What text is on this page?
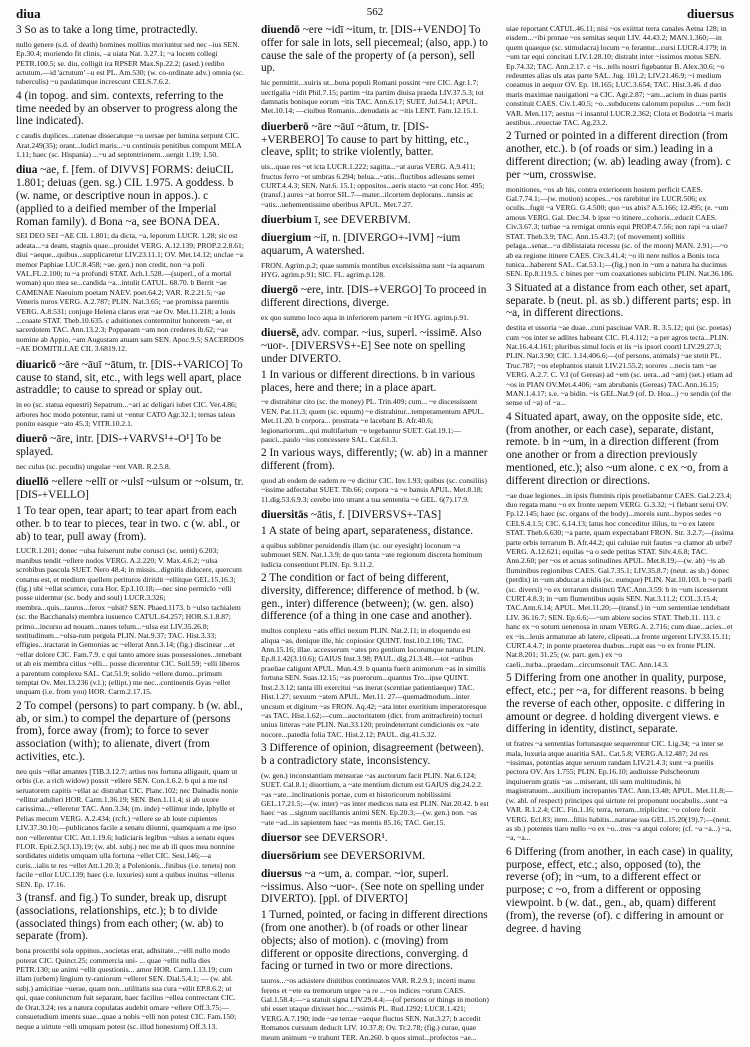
diua	562	diuersus
3 So as to take a long time, protractedly.
nullo genere (s.d. of death) homines mollius moriuntur sed nec –ius SEN. Ep.30.4; moriendo fit clinis, –a uiata Nat. 3.27.1; ~a locem collegi PETR.100.5; se. diu, colligit ira RPSER Max.Sp.22.2; (ased.) redibo actutum.—id 'actutum' –u est PL. Am.530; (w. co-ordinate adv.) omnia (sc. tuberculis) ~u paulatimque increscunt CELS.7.6.2.
4 (in topog. and sim. contexts, referring to the time needed by an observer to progress along the line indicated).
c caudis duplices...catenae dissecatque ~u uersae per lumina serpunt CIC. Arat.249(35); orant...ludicl maris...~u continuis penitibus compunt MELA 1.11; haec (sc. Hispania) ...~u ad septentrionem...uergit 1.19; 1.50.
diua ~ae, f. [fem. of DIVVS] FORMS: deiuCIL 1.801; deiuas (gen. sg.) CIL 1.975. A goddess. b (w. name, or descriptive noun in appos.). c (applied to a deified member of the Imperial Roman family). d Bona ~a, see BONA DEA.
SEI DEO SEI ~AE CIL 1.801; da dicta, ~a, leporum LUCR. 1.28; sic est adeata...~a deam, stagnis quae...prouidet VERG. A.12.139; PROP.2.2.8.61; diui ~aeque...quibus...supplicaretur LIV.23.11.1; OV. Met.14.12; unclae ~a memor Paphiae LUC.8.458; ~ae. gen.) non credit, non ~a poli VAL.FL.2.100; tu ~a profundi STAT. Ach.1.528.—(superl., of a mortal woman) quo mea se...candida ~a...intulit CATUL. 68.70. b Berrit ~ae CAMENAE Naeuium poetam NAEV. poet.64.2; VAR. R.2.21.5; ~ae Veneris nuros VERG. A.2.787; PLIN. Nat.3.65; ~ae promissa parentis VERG. A.8.531; conjuge Helena clarus erat ~ae Ov. Met.11.218; a louis ...coaate STAT. Theb.10.635. c aduitiones contemnitur honorem ~ae, et sacerdotem TAC. Ann.13.2.3; Poppaeam ~am non crederes ib.62; ~ae nomine ab Appio, ~am Augustam atuam sam SEN. Apoc.9.5; SACERDOS ~AE DOMITILLAE CIL 3.6819.12.
diuaricō ~āre ~āuī ~ātum, tr. [DIS-+VARICO] To cause to stand, sit, etc., with legs well apart, place astraddle; to cause to spread or splay out.
in eo (sc. statua equestri) Sepatrum...~ari ac deligari iubet CIC. Ver.4.86; arbores hoc modo potentur, rami ut ~entur CATO Agr.32.1; ternas taleas ponito easque ~ato 45.3; VITR.10.2.1.
diuerō ~āre, intr. [DIS-+VARVS¹+-O¹] To be splayed.
nec culus (sc. pecudis) ungulae ~ent VAR. R.2.5.8.
diuellō ~ellere ~ellī or ~ulsī ~ulsum or ~olsum, tr. [DIS-+VELLO]
1 To tear open, tear apart; to tear apart from each other. b to tear to pieces, tear in two. c (w. abl., or ab) to tear, pull away (from).
LUCR.1.201; donec ~ulsa fuiserunt nube corusci (sc. uenti) 6.203; manibus tendit ~ellere nodos VERG. A.2.220; V. Max.4.6.2; ~ulsa scrobibus pascula SUET. Nero 48.4; in missis...dignitis diducere, quercum conatus est, et medium quellem perituros diritdit ~ellitque GEL.15.16.3; (fig.) ubi ~ellat scumce, cura Hor. Ep.I.10.18;—nec sine permiclo ~elli posse uiderntur (sc. body and soul) LUCR.3.326; membra...quis...tauros...ferox ~ulsit? SEN. Phaed.1173. b ~ulso tachialem (sc. the Bacchanals) membra iusuenco CATUL.64.257; HOR.S.1.8.87; primo...incursu ad nouam...naues telum...~ulsa est LIV.35.26.8; testitudinum...~olsa-rum pergula PLIN. Nat.9.37; TAC. Hist.3.33; effigies...tractarat in Gemonias ac ~ellerat Ann.3.14; (fig.) discinear ...et ~ellar dolore CIC. Fam.7.9. c qui tanto amore suas possessiones...tenebant ut ab eis membra citius ~elli... posse dicerentur CIC. Sull.59; ~elli liberos a parentum complexu SAL. Cat.51.9; solido ~ellere dumo...primum temptat Ov. Met.13.236 (v.l.); (ellipt.) me nec...continentis Gyas ~ellet unquam (i.e. from you) HOR. Carm.2.17.15.
2 To compel (persons) to part company. b (w. abl., ab, or sim.) to compel the departure of (persons from), force away (from); to force to sever association (with); to alienate, divert (from activities, etc.).
neu quis ~ellat amantes [TIB.3.12.7; artius nos fortuna alligauit, quam ut orbis (i.e. a rich widow) possit ~ellere SEN. Con.1.6.2. b qui a me nsl seruatorem capitis ~ellat ac distrahat CIC. Planc.102; nec Dainadis nonie ~ellitur adulteri HOR. Carm.1.36.19; SEN. Ben.1.11.4; si ab uxore carissima...~elleretur TAC. Ann.3.34; (m. inde) ~ellimur inde, lphylle et Pelias mecum VERG. A.2.434; (rcft.) ~ellere se ab loste cupientes LIV.37.30.10;—publicanos facile a senatu diiunni, quamquam a me ipso non ~ellerentur CIC. Att.1.19.6; ludiciaris legibus ~ulsus a senatu eques FLOR. Epit.2.5(3.13).19; (w. abl. subj.) nec me ab ili quos mea nonnine sordidates uidetis umquam ulla fortuna ~ellet CIC. Sest.146;—a curis...ialis te res ~ellet Att.1.20.3; a Polenionis...finibus (i.e. tenets) non facile ~ellor LUC.139; haec (i.e. luxuries) sunt a quibus inuitus ~ellerus SEN. Ep. 17.16.
3 (transf. and fig.) To sunder, break up, disrupt (associations, relationships, etc.); b to divide (associated things) from each other; (w. ab) to separate (from).
bona proscribi sola oppinus...societas erat, adhsitate...~elli nullo modo poterat CIC. Quinct.25; commercia uni- ... quae ~ellit nulla dies PETR.130; ue animi ~ellit questionis... amor HOR. Carm.1.13.19; cum illam (urbem) lingium ty-raniorum ~elleret SEN. Dial.5.4.1; — (w. abl. subj.) amicitiae ~uerae, quam non...utilitatis sua cura ~ellit EP.8.6.2; ut qui, quae coniunctum fuit separant, haec facilius ~ellea contrectant CIC. de Orat.3.24; res a natura copulatas audebit ornare ~ellere Off.3.75;—consuetudium iments suae...quae a nobis ~elli non potest CIC. Fam.150; neque a uirtute ~elli umquam potest (sc. illud honestum) Off.3.13.
diuendō ~ere ~idī ~itum, tr. [DIS-+VENDO] To offer for sale in lots, sell piecemeal; (also, app.) to cause the sale of the property of (a person), sell up.
hic permittit...xuiris ut...bona populi Romani possint ~ere CIC. Agr.1.7; uectigalia ~idit Phil.7.15; partim ~ita partim diuisa praeda LIV.37.5.3; tot damnatis bonisque eorum ~itis TAC. Ann.6.17; SUET. Jul.54.1; APUL. Met.10.14; —ciuibus Romanis...denudatis ac ~itis LENT. Fam.12.15.1.
diuerberō ~āre ~āuī ~ātum, tr. [DIS-+VERBERO] To cause to part by hitting, etc., cleave, split; to strike violently, batter.
uis...quae res ~et icta LUCR.1.222; sagitta...~at auras VERG. A.9.411; fructus ferro ~et umbras 6.294; belua...~atis...fluctibus adleuans semet CURT.4.4.3; SEN. Nat.6. 15.1; oppositos...aeris stacto ~at conc Hor. 495; (transf.) aures ~at horror SIL.7—mater...ilcortem deplorans...tunsis ac ~atis...uehementissime uberibus APUL. Met.7.27.
diuerbium ī, see DEVERBIVM.
diuergium ~iī, n. [DIVERGO+-IVM] ~ium aquarum, A watershed.
FRON. Agrim.p.2; quae summis montibus excelsissima sunt ~ia aquarum HYG. agrim.p.91; SIC. FL. agrim.p.128.
diuergō ~ere, intr. [DIS-+VERGO] To proceed in different directions, diverge.
ex quo summo loco aqua in inferiorem partem ~it HYG. agrim.p.91.
diuersē, adv. compar. ~ius, superl. ~issimē. Also ~uor-. [DIVERSVS+-E] See note on spelling under DIVERTO.
1 In various or different directions. b in various places, here and there; in a place apart.
~e distrahitur cito (sc. the money) PL. Trin.409; cum... ~e discessissent VEN. Pat.11.3; quem (sc. equum) ~e distrahitur...temperamentum APUL. Met.11.20. b corpora... prostrata ~e lacebant B. Afr.40.6; legionariorum...qui multifarium ~e tegebantur SUET. Gal.19.1;—pauci...paulo ~ius concessere SAL. Cat.61.3.
2 In various ways, differently; (w. ab) in a manner different (from).
quod ab eodem de eadem re ~e dicitur CIC. Inv.1.93; quibus (sc. consiliis) ~issime adfectabat SUET. Tib.66; corpora ~a ~e bansis APUL. Met.8.18; 11.dig.53.6.9.3; cerebo into utrant a tua sententia ~e GEL. 6(7).17.9.
diuersitās ~ātis, f. [DIVERSVS+-TAS]
1 A state of being apart, separateness, distance.
a quibus sublitter peruidendis illam (sc. our eyesight) loconum ~a submouet SEN. Nat.1.3.9; de quo tanta ~ate regionum discreta hominum iudicia consentiunt PLIN. Ep. 9.11.2.
2 The condition or fact of being different, diversity, difference; difference of method. b (w. gen., inter) difference (between); (w. gen. also) difference (of a thing in one case and another).
multos conplexu ~atis effici nexum PLIN. Nat.2.11; in eloquendo est aliqua ~as, denique ille, hic copiosior QUINT. Inst.10.2.106; TAC. Ann.15.16; illae. accesserum ~ates pro gentium locorumque natura PLIN. Ep.8.1.42(3.10.6); GAIUS Inst.3.98; PAUL. dig.21.3.48.—tot ~atibus praeliae caligunt APUL. Mun.4.9. b quanta fuerit animorum ~as in similis fortuna SEN. Suas.12.15; ~as puerorum...quantus Tro...ipse QUINT. Inst.2.3.12; tanta illi exercitui ~as inerat (scentiae patientiaeque) TAC. Hist.1.27; sexuum ~atem APUL. Met.11. 27—quemadmodum...inter uncsum et digitum ~as FRON. Aq.42; ~ata inter exeritium imperatoresque ~as TAC. Hist.1.62;—cum...auctoritatem (dict. from anitrachrein) tocturi unius litteras ~ate PLIN. Nat.33.120; proindeterrant condicionis ex ~ate nocore...patedla folia TAC. Hist.2.12; PAUL. dig.41.5.32.
3 Difference of opinion, disagreement (between). b a contradictory state, inconsistency.
(w. gen.) inconstantiam mensurae ~as auctorum facit PLIN. Nat.6.124; SUET. Cal.8.1; diuortium, a ~ate mentium dictum est GAIUS dig.24.2.2. ~as ~ate...inclinationis portae, cum et historicorum nobilissimi GEL.17.21.5;—(w. inter) ~as inter medicos nata est PLIN. Nat.20.42. b est haec ~as ...signum uacillantis animi SEN. Ep.20.3;—(w. gen.) non. ~as ~ate ~ad...in sapientem haec ~as mentis 85.16; TAC. Ger.15.
diuersor see DEVERSOR¹.
diuersōrium see DEVERSORIVM.
diuersus ~a ~um, a. compar. ~ior, superl. ~issimus. Also ~uor-. (See note on spelling under DIVERTO). [ppl. of DIVERTO]
1 Turned, pointed, or facing in different directions (from one another). b (of roads or other linear objects; also of motion). c (moving) from different or opposite directions, converging. d facing or turned in two or more directions.
tauros...~os adsistere diuitibus continuatos VAR. R.2.9.1; incerti manu ferens et ~ete ea tremorum urgee ~a re ...~os indices ~orum CAES. Gal.1.58.4;—~a statuit signa LIV.29.4.4;—(of persons or things in motion) ubi esset utaque dixisset hoc...~ssimis PL. Rud.1292; LUCR.1.421; VERG.A.7.190; inde ~ae terrae ~aeque fluctus SEN. Nat.3.27; b accedit Romanos cursuum deducit LIV. 10.37.8; Ov. Tr.2.78; (fig.) curae, quae meum animum ~e trahunt TER. An.260. b quos simul...profectos ~ae...
uiae reportant CATUL.46.11; nisi ~os exiittat terra canales Aetna 128; in eisdem...~ibi pronae ~os semitas sequit LIV. 44.43.2; MAN.1.360;—in quem quaeque (sc. stimulacra) locum ~o ferantur...cursi LUCR.4.179; in ~um tar equi concitati LIV.1.28.10; distraht inter ~issimos motus SEN. Ep.74.32; TAC. Ann.2.17. c ~is...tells nostri figebantur B. Alex.30.6; ~o redeuntes alias uls atas parte SAL. Jug. 101.2; LIV.21.46.9; ~i medium coeamus in aequor OV. Ep. 18.165; LUC.3.654; TAC. Hist.3.46. d duo maris maximae nauigationi ~a CIC. Agr.2.87; ~am...acium in duas partis constituit CAES. Civ.1.40.5; ~o...subducens calonum populus ...~um fecit VAR. Men.117; aestus ~i insantul LUCR.2.362; Clota et Bodotria ~i maris aestibus...reuectae TAC. Ag.23.2.
2 Turned or pointed in a different direction (from another, etc.). b (of roads or sim.) leading in a different direction; (w. ab) leading away (from). c per ~um, crosswise.
monitiones, ~os ab his, contra exteriorem hostem perficit CAES. Gal.7.74.1;—(w. motion) scopes...~os rarebitur ire LUCR.506; ex oculis...fugit ~a VERG. G.4.500; quo ~us abis? A.5.166; 12.495; (e. ~um amous VERG. Gal. Dec.34. b ipse ~o itinere...cohoris...educit CAES. Civ.3.67.3; turbae ~a remigat omnis equi PROP.4.7.56; non rapi ~a uiae? STAT. Theb.3.9; TAC. Ann.15.43.7; (of movement) sollitis pelaga...senat...~a diblistaiata recessu (sc. of the moon) MAN. 2.91;—~o ab ea regione itinere CAES. Civ.3.41.4; ~o ili nere nullos a Bonis toca tunica...haberent SAL. Cat.53.1;—(fig.) non in ~um a natura ha ducimus SEN. Ep.8.119.5. c bines per ~um coaxationes subicirtu PLIN. Nat.36.186.
3 Situated at a distance from each other, set apart, separate. b (neut. pl. as sb.) different parts; esp. in ~a, in different directions.
destita et ussoria ~ae duae...cuni pasciuae VAR. R. 3.5.12; qui (sc. poetas) cum ~os inter se adlites habeant CIC. Fl.4.112; ~a per agros tecta...PLIN. Nat.16.4.4.161; pluribus simul locis et iis ~is ipsori coortl LIV.29.27.3; PLIN. Nat.3.90; CIC. 1.14.406.6;—(of persons, animals) ~ae stetit PL. Truc.787; ~os elephantos statuit LIV.21.55.2; sorores ...necis tam ~ae VERG. A.2.7. C. V.I (of Gereas) ad ~em (sc. uera...ad ~am) (set.) etiam ad ~os in PIAN OV.Met.4.406; ~am abrubanis (Gereas) TAC.Ann.16.15; MAN.1.4.17; s.e. ~a bidin. ~is GEL.Nat.9 (of. D. Hoa...) ~o sendis (of the sense of ~a) of ~a...
4 Situated apart, away, on the opposite side, etc. (from another, or each case), separate, distant, remote. b in ~um, in a direction different (from one another or from a direction previously mentioned, etc.); also ~um alone. c ex ~o, from a different direction or directions.
~ae duae legiones...in ipsis fluminis ripis proeliabantur CAES. Gal.2.23.4; duo regata manu ~o ex fronte uepem VERG. G.3.32; ~i flebant serui OV. Fp.12.145; haec (sc. organs of the body)...moreis sunt...bypos sedes ~o CELS.4.1.5; CIC. 6.14.13; latus hoc conceditur ililus, tu ~o ex latere STAT. Theb.6.630; ~a parte, quam expectabant FRON. Str. 3.2.7;—(issima parte orbis terrarum B. Afr.44.2; qui caluiae ruit fautus ~a clamor ab urbe? VERG. A.12.621; equilas ~a o sede petitas STAT. Silv.4.6.8; TAC. Ann.2.60; per ~os et acuas solitudines APUL. Met.8.19;—(w. ab) ~is ab fluminibus regionibus CAES. Gal.7.35.1; LIV.35.8.7; (neut. as sb.) donec (perdix) in ~um abducat a nidis (sc. eumque) PLIN. Nat.10.103. b ~o parli (sc. diversi) ~o ex terrarum distincti TAC.Ann.3.59. b in ~um iscesserunt CURT.4.8.3; in ~um flumentibus aquis SEN. Nat.3.11.2; COL.3.15.4; TAC.Ann.6.14; APUL. Met.11.20;—(transf.) in ~um sententiae tendebant LIV. 36.16.7; SEN. Ep.6.6;—~um abiere socios STAT. Theb.11. 113. c hanc ex ~o sotum uenenosa in unam VERG.A. 2.716; cum duae...acies...et ex ~is...leuis armaturae ab latere, clipeati...a fronte urgerent LIV.33.15.11; CURT.4.4.7; in ponte praeterea duabus...rupit eas ~o ex fronte PLIN. Nat.8.201; 31.25; (w. part. gen.) ex ~o caeli...turba...praedam...circumsonuit TAC. Ann.14.3.
5 Differing from one another in quality, purpose, effect, etc.; per ~a, for different reasons. b being the reverse of each other, opposite. c differing in amount or degree. d holding divergent views. e differing in identity, distinct, separate.
ut fratres ~a sententias fortunasque sequerentur CIC. Lig.34; ~a inter se mala, luxuria atque auaritia SAL. Cat.5.8; VERG.A.12.487; 2d res ~issimas, potentias atque seruum randam LIV.21.4.3; sunt ~a pueilis pectora OV. Ars 1.755; PLIN. Ep.16.10; audiuisse Pulscheorum inquiuerum gratis ~as ...miserant, tili sum multitudinis, hi magistratuum...auxilium increpantes TAC. Ann.13.48; APUL. Met.11.8;—(w. abl. of respect) principes qui uirtute rei proponunt uocabulis...sunt ~a VAR. R.1.2.4; CIC. Fin.1.16; terra, terram...tripliciter. ~o colore fecit VERG. Ecl.83; item...filiis habitis...naturae sua GEL.15.20(19).7;—(neut. as sb.) potentes tiaro nullo ~o ex ~o...tres ~a atqui colore; (cf. ~a ~a...) ~a, ~a, ~a...
6 Differing (from another, in each case) in quality, purpose, effect, etc.; also, opposed (to), the reverse (of); in ~um, to a different effect or purpose; c ~o, from a different or opposing viewpoint. b (w. dat., gen., ab, quam) different (from), the reverse (of). c differing in amount or degree. d having
